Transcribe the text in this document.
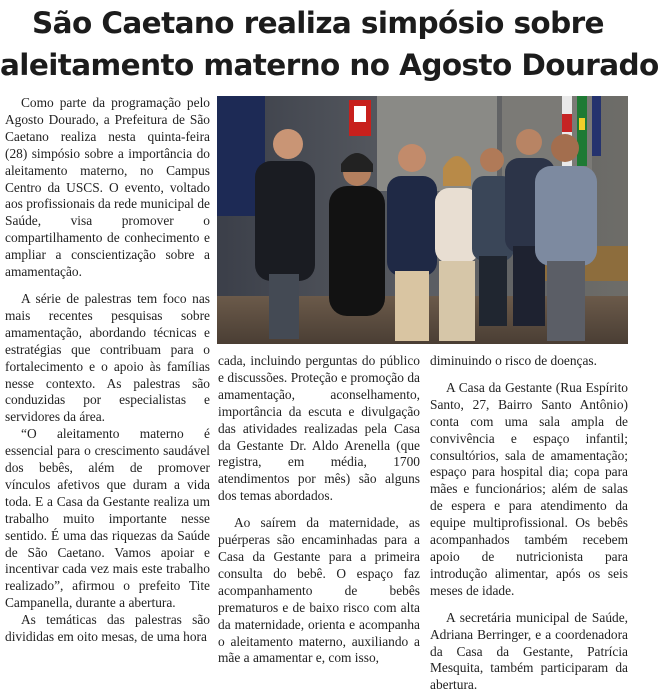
São Caetano realiza simpósio sobre
aleitamento materno no Agosto Dourado

Como parte da programação pelo Agosto Dourado, a Prefeitura de São Caetano realiza nesta quinta-feira (28) simpósio sobre a importância do aleitamento materno, no Campus Centro da USCS. O evento, voltado aos profissionais da rede municipal de Saúde, visa promover o compartilhamento de conhecimento e ampliar a conscientização sobre a amamentação.

A série de palestras tem foco nas mais recentes pesquisas sobre amamentação, abordando técnicas e estratégias que contribuam para o fortalecimento e o apoio às famílias nesse contexto. As palestras são conduzidas por especialistas e servidores da área.

“O aleitamento materno é essencial para o crescimento saudável dos bebês, além de promover vínculos afetivos que duram a vida toda. E a Casa da Gestante realiza um trabalho muito importante nesse sentido. É uma das riquezas da Saúde de São Caetano. Vamos apoiar e incentivar cada vez mais este trabalho realizado”, afirmou o prefeito Tite Campanella, durante a abertura.

As temáticas das palestras são divididas em oito mesas, de uma hora

cada, incluindo perguntas do público e discussões. Proteção e promoção da amamentação, aconselhamento, importância da escuta e divulgação das atividades realizadas pela Casa da Gestante Dr. Aldo Arenella (que registra, em média, 1700 atendimentos por mês) são alguns dos temas abordados.

Ao saírem da maternidade, as puérperas são encaminhadas para a Casa da Gestante para a primeira consulta do bebê. O espaço faz acompanhamento de bebês prematuros e de baixo risco com alta da maternidade, orienta e acompanha o aleitamento materno, auxiliando a mãe a amamentar e, com isso,

diminuindo o risco de doenças.

A Casa da Gestante (Rua Espírito Santo, 27, Bairro Santo Antônio) conta com uma sala ampla de convivência e espaço infantil; consultórios, sala de amamentação; espaço para hospital dia; copa para mães e funcionários; além de salas de espera e para atendimento da equipe multiprofissional. Os bebês acompanhados também recebem apoio de nutricionista para introdução alimentar, após os seis meses de idade.

A secretária municipal de Saúde, Adriana Berringer, e a coordenadora da Casa da Gestante, Patrícia Mesquita, também participaram da abertura.
